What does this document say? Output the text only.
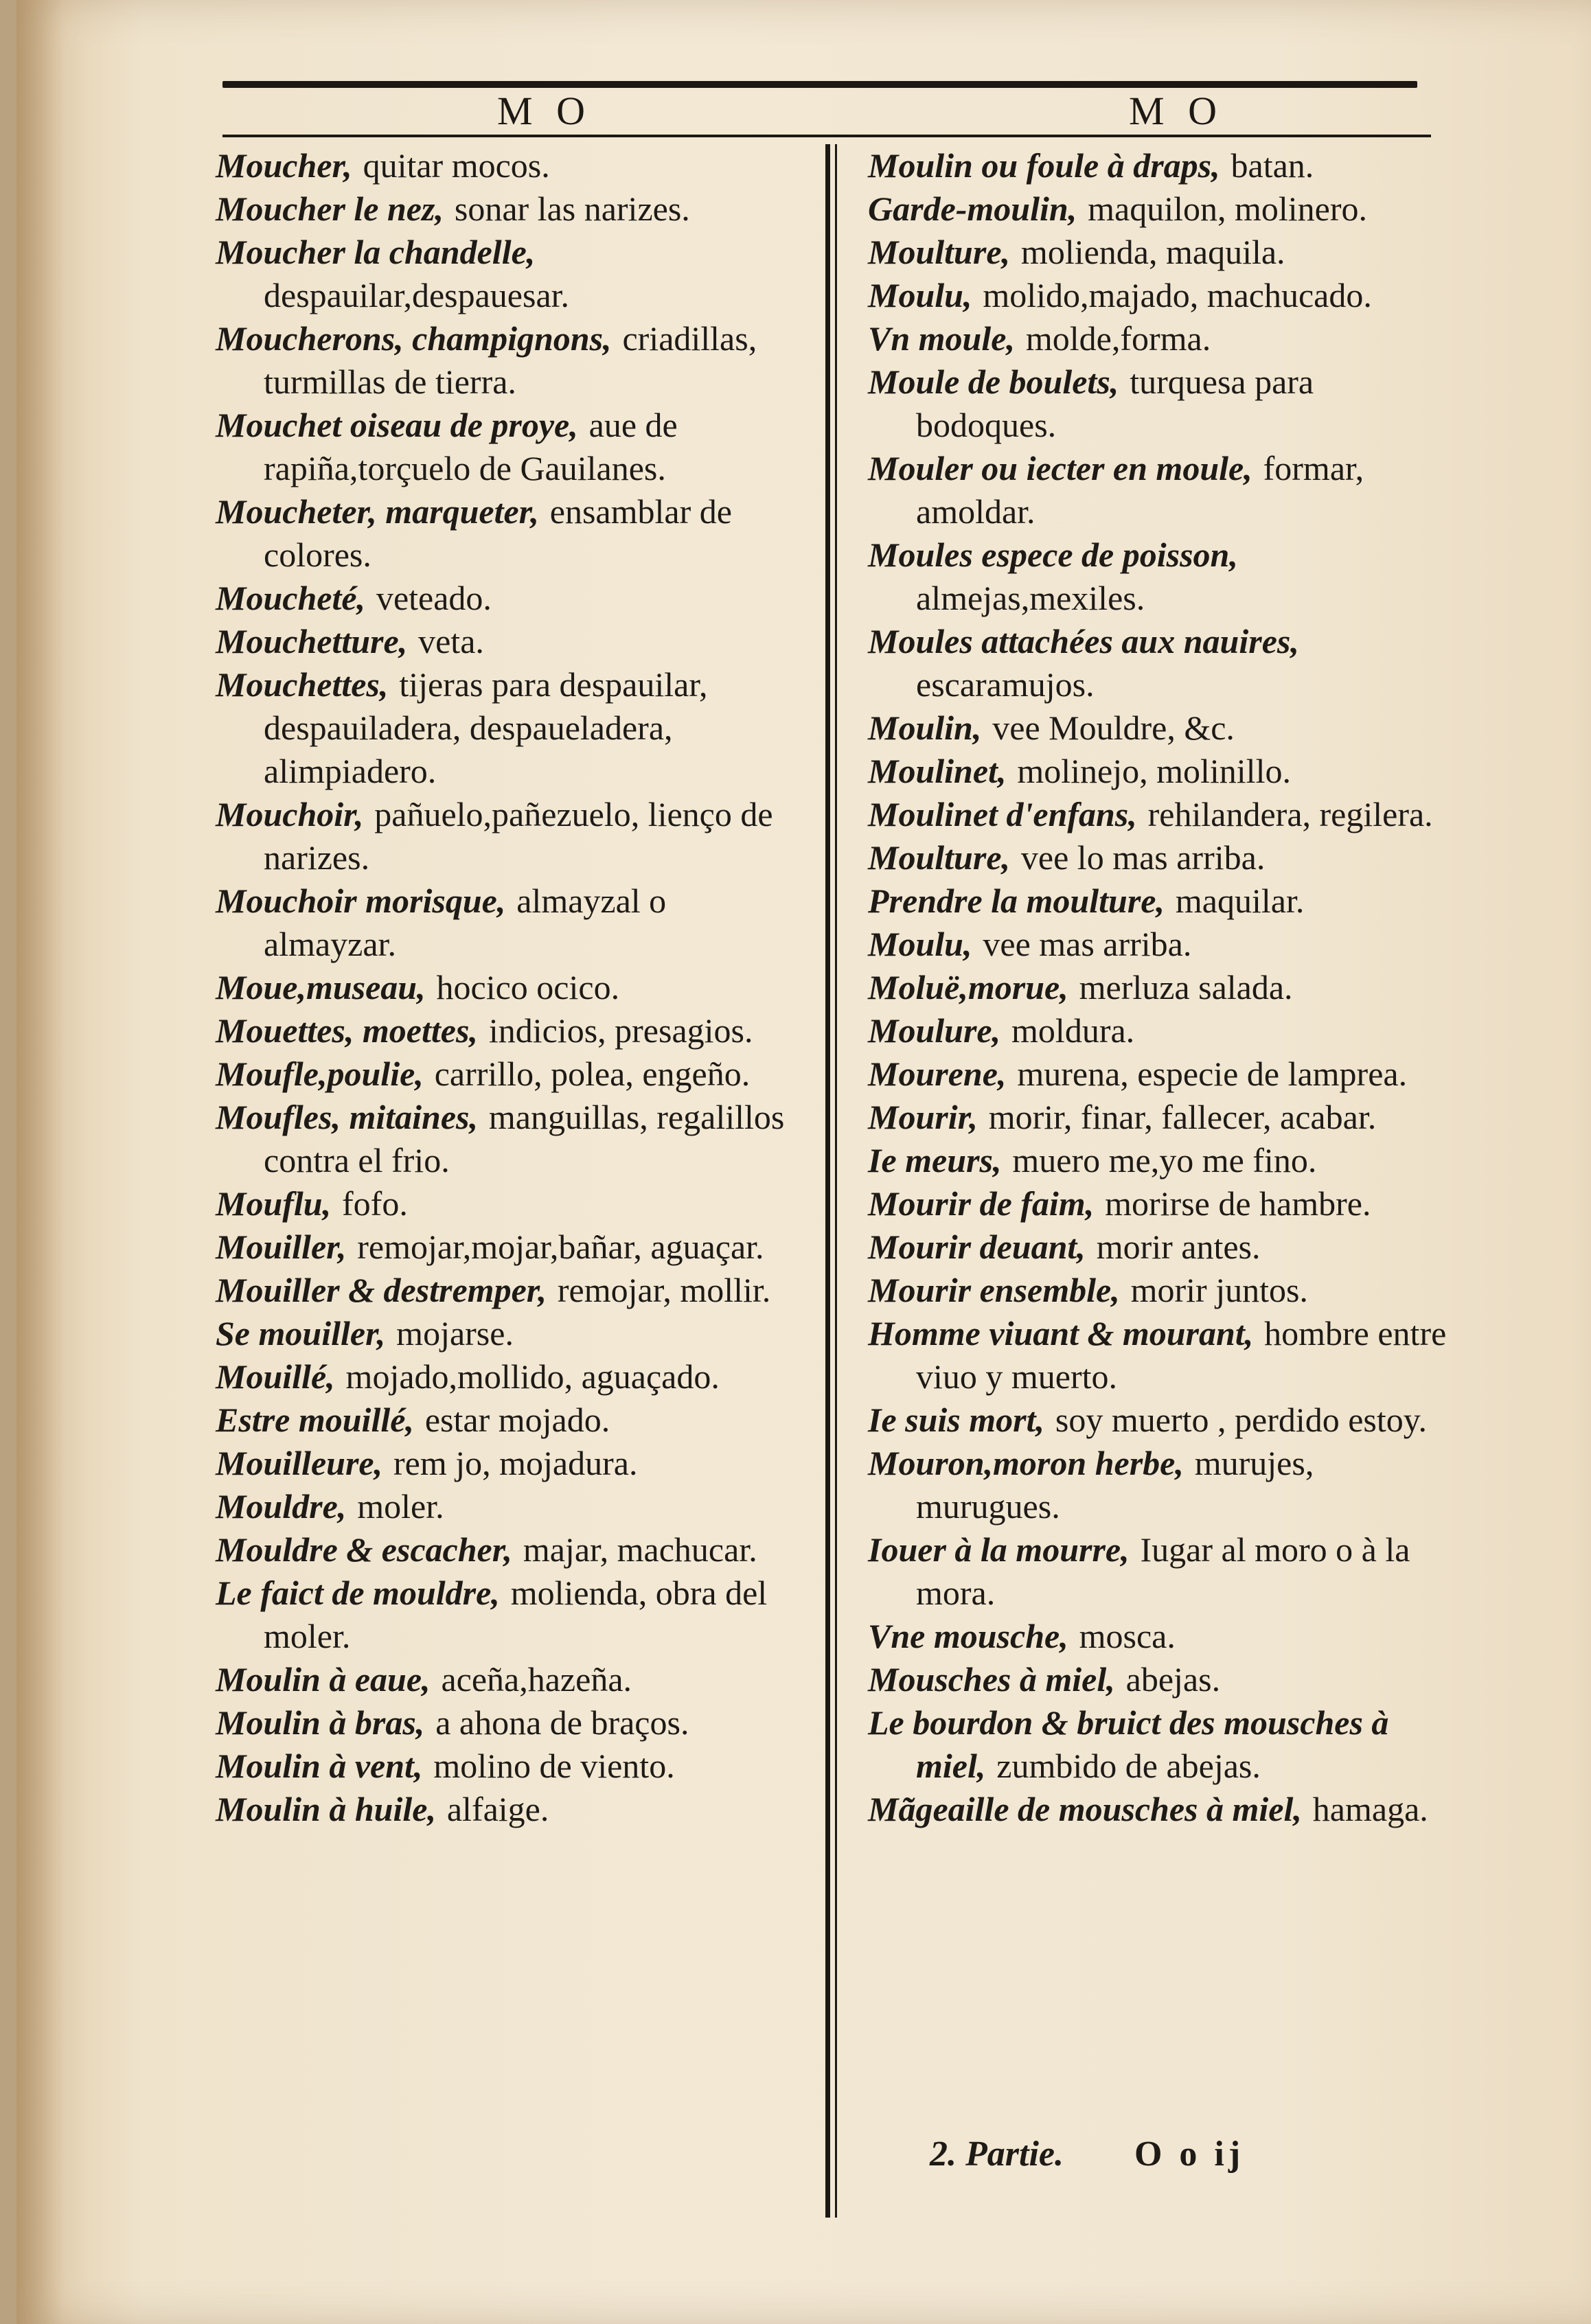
M O	M O

Moucher, quitar mocos.

Moucher le nez, sonar las narizes.

Moucher la chandelle, despauilar,despauesar.

Moucherons, champignons, criadillas, turmillas de tierra.

Mouchet oiseau de proye, aue de rapiña,torçuelo de Gauilanes.

Moucheter, marqueter, ensamblar de colores.

Moucheté, veteado.

Mouchetture, veta.

Mouchettes, tijeras para despauilar, despauiladera, despaueladera, alimpiadero.

Mouchoir, pañuelo,pañezuelo, lienço de narizes.

Mouchoir morisque, almayzal o almayzar.

Moue,museau, hocico ocico.

Mouettes, moettes, indicios, presagios.

Moufle,poulie, carrillo, polea, engeño.

Moufles, mitaines, manguillas, regalillos contra el frio.

Mouflu, fofo.

Mouiller, remojar,mojar,bañar, aguaçar.

Mouiller & destremper, remojar, mollir.

Se mouiller, mojarse.

Mouillé, mojado,mollido, aguaçado.

Estre mouillé, estar mojado.

Mouilleure, rem jo, mojadura.

Mouldre, moler.

Mouldre & escacher, majar, machucar.

Le faict de mouldre, molienda, obra del moler.

Moulin à eaue, aceña,hazeña.

Moulin à bras, a ahona de braços.

Moulin à vent, molino de viento.

Moulin à huile, alfaige.

Moulin ou foule à draps, batan.

Garde-moulin, maquilon, molinero.

Moulture, molienda, maquila.

Moulu, molido,majado, machucado.

Vn moule, molde,forma.

Moule de boulets, turquesa para bodoques.

Mouler ou iecter en moule, formar, amoldar.

Moules espece de poisson, almejas,mexiles.

Moules attachées aux nauires, escaramujos.

Moulin, vee Mouldre, &c.

Moulinet, molinejo, molinillo.

Moulinet d'enfans, rehilandera, regilera.

Moulture, vee lo mas arriba.

Prendre la moulture, maquilar.

Moulu, vee mas arriba.

Moluë,morue, merluza salada.

Moulure, moldura.

Mourene, murena, especie de lamprea.

Mourir, morir, finar, fallecer, acabar.

Ie meurs, muero me,yo me fino.

Mourir de faim, morirse de hambre.

Mourir deuant, morir antes.

Mourir ensemble, morir juntos.

Homme viuant & mourant, hombre entre viuo y muerto.

Ie suis mort, soy muerto , perdido estoy.

Mouron,moron herbe, murujes, murugues.

Iouer à la mourre, Iugar al moro o à la mora.

Vne mousche, mosca.

Mousches à miel, abejas.

Le bourdon & bruict des mousches à miel, zumbido de abejas.

Mãgeaille de mousches à miel, hamaga.

2. Partie. O o ij
